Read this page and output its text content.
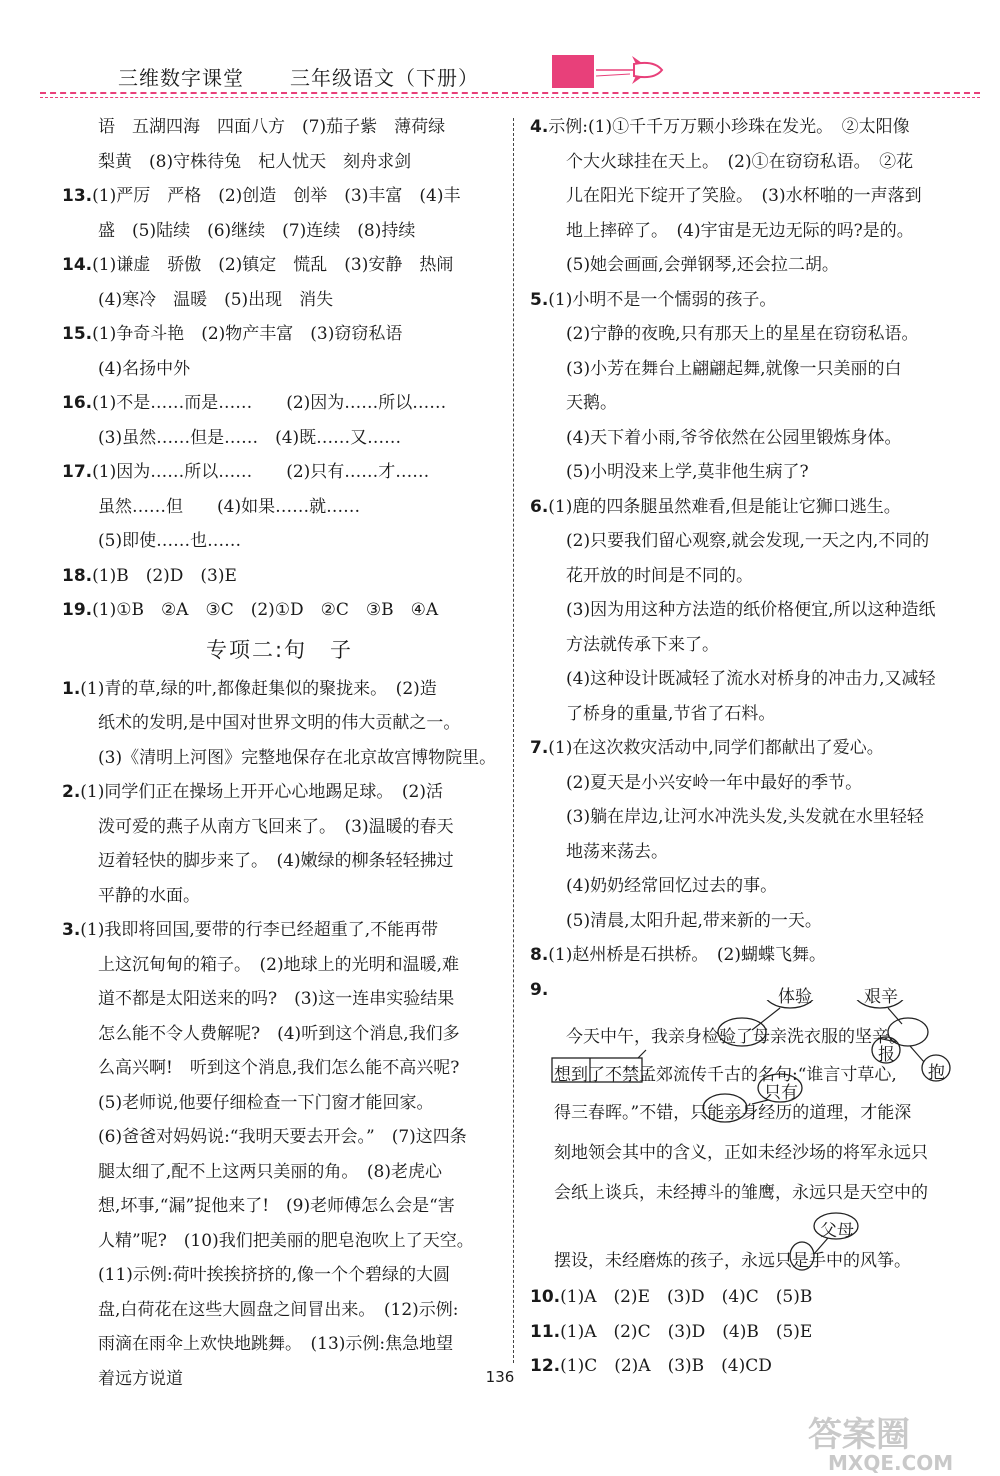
三维数字课堂 三年级语文（下册）
语　五湖四海　四面八方　(7)茄子紫　薄荷绿
梨黄　(8)守株待兔　杞人忧天　刻舟求剑
13.(1)严厉　严格　(2)创造　创举　(3)丰富　(4)丰
盛　(5)陆续　(6)继续　(7)连续　(8)持续
14.(1)谦虚　骄傲　(2)镇定　慌乱　(3)安静　热闹
(4)寒冷　温暖　(5)出现　消失
15.(1)争奇斗艳　(2)物产丰富　(3)窃窃私语
(4)名扬中外
16.(1)不是……而是……　　(2)因为……所以……
(3)虽然……但是……　(4)既……又……
17.(1)因为……所以……　　(2)只有……才……
虽然……但　　(4)如果……就……
(5)即使……也……
18.(1)B　(2)D　(3)E
19.(1)①B　②A　③C　(2)①D　②C　③B　④A
专项二:句　子
1.(1)青的草,绿的叶,都像赶集似的聚拢来。　(2)造
纸术的发明,是中国对世界文明的伟大贡献之一。
(3)《清明上河图》完整地保存在北京故宫博物院里。
2.(1)同学们正在操场上开开心心地踢足球。　(2)活
泼可爱的燕子从南方飞回来了。　(3)温暖的春天
迈着轻快的脚步来了。　(4)嫩绿的柳条轻轻拂过
平静的水面。
3.(1)我即将回国,要带的行李已经超重了,不能再带
上这沉甸甸的箱子。　(2)地球上的光明和温暖,难
道不都是太阳送来的吗?　(3)这一连串实验结果
怎么能不令人费解呢?　(4)听到这个消息,我们多
么高兴啊!　听到这个消息,我们怎么能不高兴呢?
(5)老师说,他要仔细检查一下门窗才能回家。
(6)爸爸对妈妈说:“我明天要去开会。”　(7)这四条
腿太细了,配不上这两只美丽的角。　(8)老虎心
想,坏事,“漏”捉他来了!　(9)老师傅怎么会是“害
人精”呢?　(10)我们把美丽的肥皂泡吹上了天空。
(11)示例:荷叶挨挨挤挤的,像一个个碧绿的大圆
盘,白荷花在这些大圆盘之间冒出来。　(12)示例:
雨滴在雨伞上欢快地跳舞。　(13)示例:焦急地望
着远方说道
4.示例:(1)①千千万万颗小珍珠在发光。　②太阳像
个大火球挂在天上。　(2)①在窃窃私语。　②花
儿在阳光下绽开了笑脸。　(3)水杯啪的一声落到
地上摔碎了。　(4)宇宙是无边无际的吗?是的。
(5)她会画画,会弹钢琴,还会拉二胡。
5.(1)小明不是一个懦弱的孩子。
(2)宁静的夜晚,只有那天上的星星在窃窃私语。
(3)小芳在舞台上翩翩起舞,就像一只美丽的白
天鹅。
(4)天下着小雨,爷爷依然在公园里锻炼身体。
(5)小明没来上学,莫非他生病了?
6.(1)鹿的四条腿虽然难看,但是能让它狮口逃生。
(2)只要我们留心观察,就会发现,一天之内,不同的
花开放的时间是不同的。
(3)因为用这种方法造的纸价格便宜,所以这种造纸
方法就传承下来了。
(4)这种设计既减轻了流水对桥身的冲击力,又减轻
了桥身的重量,节省了石料。
7.(1)在这次救灾活动中,同学们都献出了爱心。
(2)夏天是小兴安岭一年中最好的季节。
(3)躺在岸边,让河水冲洗头发,头发就在水里轻轻
地荡来荡去。
(4)奶奶经常回忆过去的事。
(5)清晨,太阳升起,带来新的一天。
8.(1)赵州桥是石拱桥。　(2)蝴蝶飞舞。
9.	体验	艰辛
报
抱
只有
父母
今天中午，我亲身检验了母亲洗衣服的坚辛。
想到了不禁孟郊流传千古的名句:“谁言寸草心,
得三春晖。”不错，只能亲身经历的道理，才能深
刻地领会其中的含义，正如未经沙场的将军永远只
会纸上谈兵，未经搏斗的雏鹰，永远只是天空中的
摆设，未经磨炼的孩子，永远只是手中的风筝。
10.(1)A　(2)E　(3)D　(4)C　(5)B
11.(1)A　(2)C　(3)D　(4)B　(5)E
12.(1)C　(2)A　(3)B　(4)CD
136
答案圈
MXQE.COM
